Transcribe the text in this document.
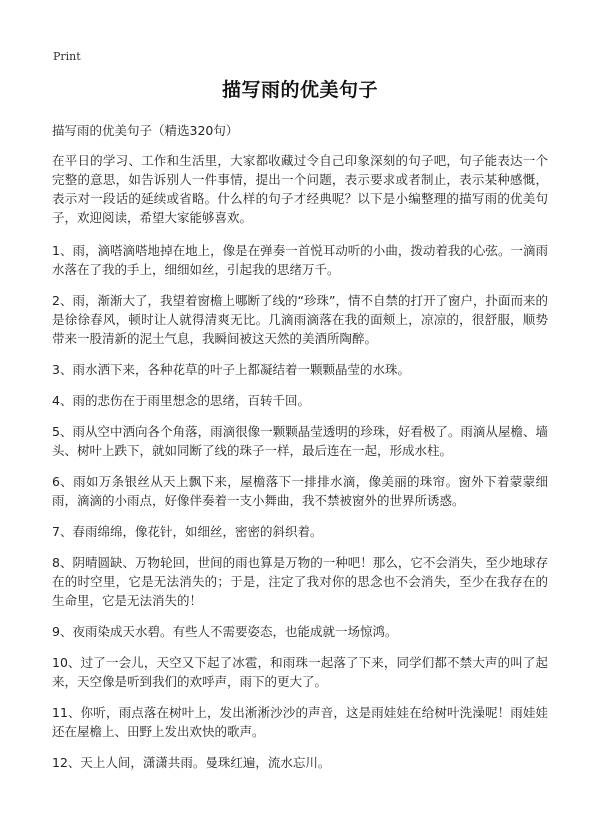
Print
描写雨的优美句子

描写雨的优美句子（精选320句）

在平日的学习、工作和生活里，大家都收藏过令自己印象深刻的句子吧，句子能表达一个完整的意思，如告诉别人一件事情，提出一个问题，表示要求或者制止，表示某种感慨，表示对一段话的延续或省略。什么样的句子才经典呢？以下是小编整理的描写雨的优美句子，欢迎阅读，希望大家能够喜欢。

1、雨，滴嗒滴嗒地掉在地上，像是在弹奏一首悦耳动听的小曲，拨动着我的心弦。一滴雨水落在了我的手上，细细如丝，引起我的思绪万千。

2、雨，渐渐大了，我望着窗檐上哪断了线的“珍珠”，情不自禁的打开了窗户，扑面而来的是徐徐春风，顿时让人就得清爽无比。几滴雨滴落在我的面颊上，凉凉的，很舒服，顺势带来一股清新的泥土气息，我瞬间被这天然的美酒所陶醉。

3、雨水洒下来，各种花草的叶子上都凝结着一颗颗晶莹的水珠。

4、雨的悲伤在于雨里想念的思绪，百转千回。

5、雨从空中洒向各个角落，雨滴很像一颗颗晶莹透明的珍珠，好看极了。雨滴从屋檐、墙头、树叶上跌下，就如同断了线的珠子一样，最后连在一起，形成水柱。

6、雨如万条银丝从天上飘下来，屋檐落下一排排水滴，像美丽的珠帘。窗外下着蒙蒙细雨，滴滴的小雨点，好像伴奏着一支小舞曲，我不禁被窗外的世界所诱惑。

7、春雨绵绵，像花针，如细丝，密密的斜织着。

8、阴晴圆缺、万物轮回，世间的雨也算是万物的一种吧！那么，它不会消失，至少地球存在的时空里，它是无法消失的；于是，注定了我对你的思念也不会消失，至少在我存在的生命里，它是无法消失的！

9、夜雨染成天水碧。有些人不需要姿态，也能成就一场惊鸿。

10、过了一会儿，天空又下起了冰雹，和雨珠一起落了下来，同学们都不禁大声的叫了起来，天空像是听到我们的欢呼声，雨下的更大了。

11、你听，雨点落在树叶上，发出淅淅沙沙的声音，这是雨娃娃在给树叶洗澡呢！雨娃娃还在屋檐上、田野上发出欢快的歌声。

12、天上人间，潇潇共雨。曼珠红遍，流水忘川。
